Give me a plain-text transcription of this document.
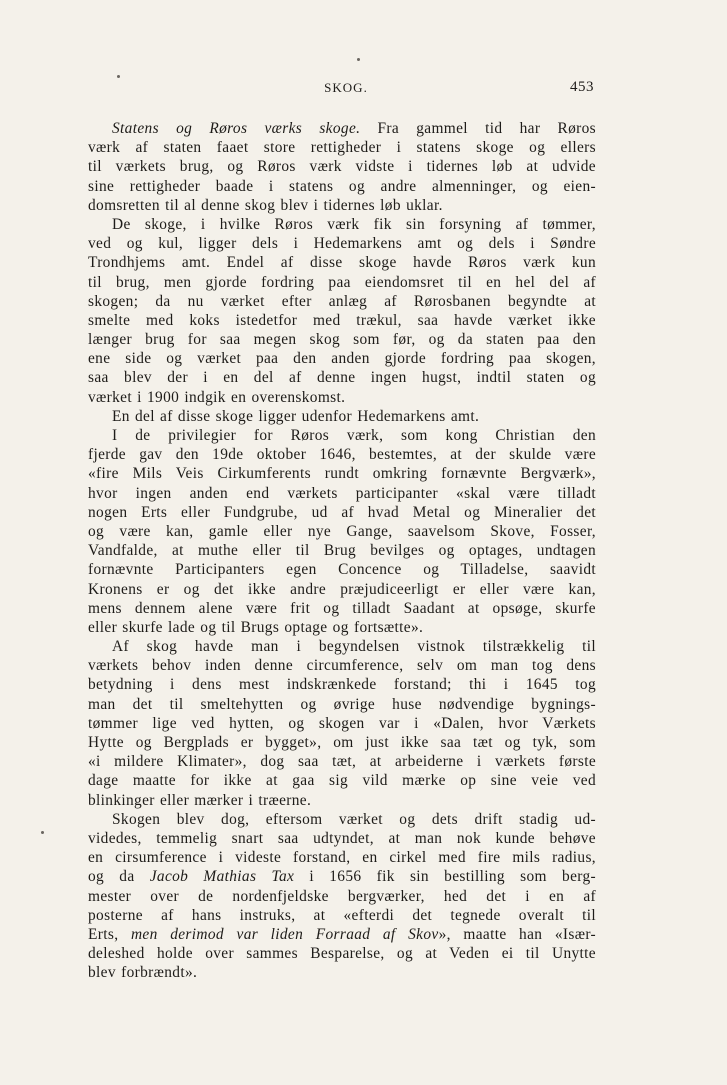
SKOG.	453
Statens og Røros værks skoge. Fra gammel tid har Røros
værk af staten faaet store rettigheder i statens skoge og ellers
til værkets brug, og Røros værk vidste i tidernes løb at udvide
sine rettigheder baade i statens og andre almenninger, og eien-
domsretten til al denne skog blev i tidernes løb uklar.
De skoge, i hvilke Røros værk fik sin forsyning af tømmer,
ved og kul, ligger dels i Hedemarkens amt og dels i Søndre
Trondhjems amt. Endel af disse skoge havde Røros værk kun
til brug, men gjorde fordring paa eiendomsret til en hel del af
skogen; da nu værket efter anlæg af Rørosbanen begyndte at
smelte med koks istedetfor med trækul, saa havde værket ikke
længer brug for saa megen skog som før, og da staten paa den
ene side og værket paa den anden gjorde fordring paa skogen,
saa blev der i en del af denne ingen hugst, indtil staten og
værket i 1900 indgik en overenskomst.
En del af disse skoge ligger udenfor Hedemarkens amt.
I de privilegier for Røros værk, som kong Christian den
fjerde gav den 19de oktober 1646, bestemtes, at der skulde være
«fire Mils Veis Cirkumferents rundt omkring fornævnte Bergværk»,
hvor ingen anden end værkets participanter «skal være tilladt
nogen Erts eller Fundgrube, ud af hvad Metal og Mineralier det
og være kan, gamle eller nye Gange, saavelsom Skove, Fosser,
Vandfalde, at muthe eller til Brug bevilges og optages, undtagen
fornævnte Participanters egen Concence og Tilladelse, saavidt
Kronens er og det ikke andre præjudiceerligt er eller være kan,
mens dennem alene være frit og tilladt Saadant at opsøge, skurfe
eller skurfe lade og til Brugs optage og fortsætte».
Af skog havde man i begyndelsen vistnok tilstrækkelig til
værkets behov inden denne circumference, selv om man tog dens
betydning i dens mest indskrænkede forstand; thi i 1645 tog
man det til smeltehytten og øvrige huse nødvendige bygnings-
tømmer lige ved hytten, og skogen var i «Dalen, hvor Værkets
Hytte og Bergplads er bygget», om just ikke saa tæt og tyk, som
«i mildere Klimater», dog saa tæt, at arbeiderne i værkets første
dage maatte for ikke at gaa sig vild mærke op sine veie ved
blinkinger eller mærker i træerne.
Skogen blev dog, eftersom værket og dets drift stadig ud-
videdes, temmelig snart saa udtyndet, at man nok kunde behøve
en cirsumference i videste forstand, en cirkel med fire mils radius,
og da Jacob Mathias Tax i 1656 fik sin bestilling som berg-
mester over de nordenfjeldske bergværker, hed det i en af
posterne af hans instruks, at «efterdi det tegnede overalt til
Erts, men derimod var liden Forraad af Skov», maatte han «Især-
deleshed holde over sammes Besparelse, og at Veden ei til Unytte
blev forbrændt».
